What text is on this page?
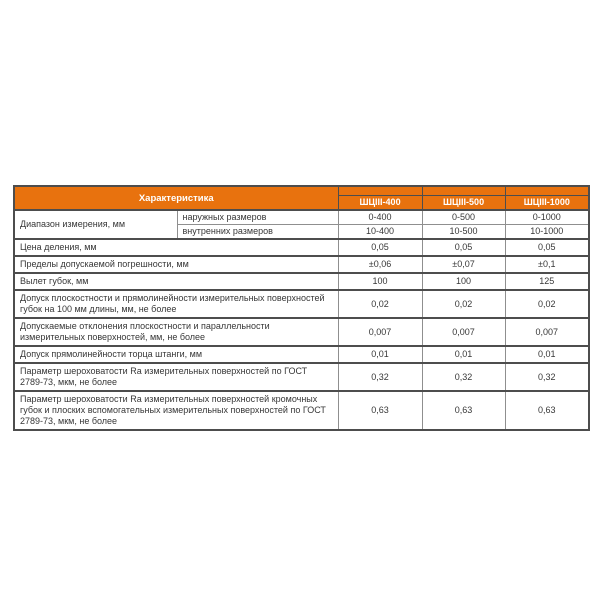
Характеристика				
		ШЦIII-400	ШЦIII-500	ШЦIII-1000
Диапазон измерения, мм	наружных размеров	0-400	0-500	0-1000
	внутренних размеров	10-400	10-500	10-1000
Цена деления, мм		0,05	0,05	0,05
Пределы допускаемой погрешности, мм		±0,06	±0,07	±0,1
Вылет губок, мм		100	100	125
Допуск плоскостности и прямолинейности измерительных поверхностей губок на 100 мм длины, мм, не более		0,02	0,02	0,02
Допускаемые отклонения плоскостности и параллельности измерительных поверхностей, мм, не более		0,007	0,007	0,007
Допуск прямолинейности торца штанги, мм		0,01	0,01	0,01
Параметр шероховатости Ra измерительных поверхностей по ГОСТ 2789-73, мкм, не более		0,32	0,32	0,32
Параметр шероховатости Ra измерительных поверхностей кромочных губок и плоских вспомогательных измерительных поверхностей по ГОСТ 2789-73, мкм, не более		0,63	0,63	0,63
